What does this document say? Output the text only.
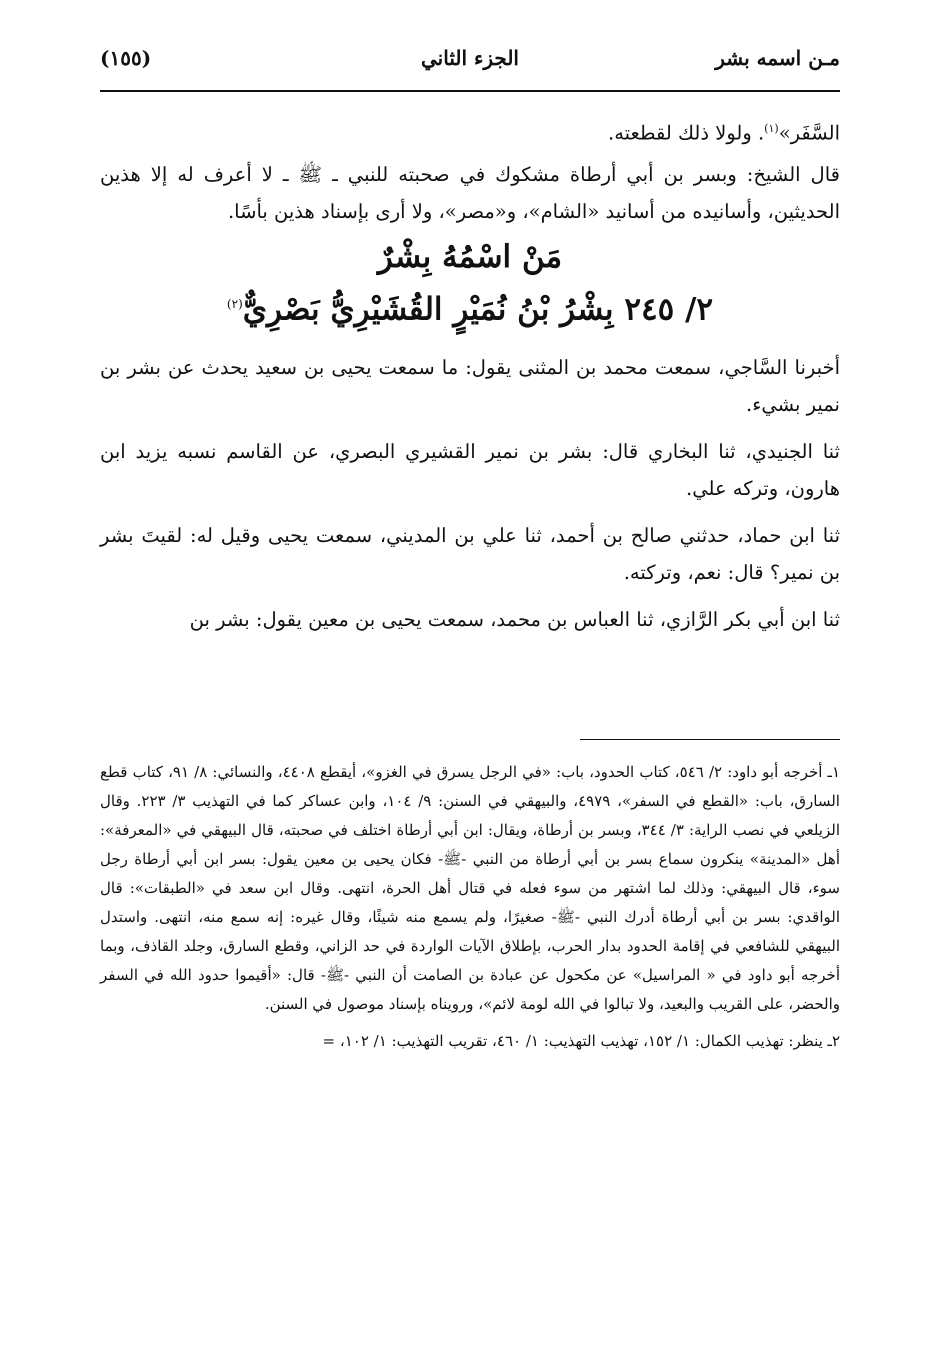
مـن اسمه بشر
الجزء الثاني
(١٥٥)

السَّفَر»$^{(١)}$. ولولا ذلك لقطعته.

قال الشيخ: وبسر بن أبي أرطاة مشكوك في صحبته للنبي ـ ﷺ ـ لا أعرف له إلا هذين الحديثين، وأسانيده من أسانيد «الشام»، و«مصر»، ولا أرى بإسناد هذين بأسًا.

مَنْ اسْمُهُ بِشْرٌ
٢/ ٢٤٥ بِشْرُ بْنُ نُمَيْرٍ القُشَيْرِيُّ بَصْرِيٌّ$^{(٢)}$

أخبرنا السَّاجي، سمعت محمد بن المثنى يقول: ما سمعت يحيى بن سعيد يحدث عن بشر بن نمير بشيء.

ثنا الجنيدي، ثنا البخاري قال: بشر بن نمير القشيري البصري، عن القاسم نسبه يزيد ابن هارون، وتركه علي.

ثنا ابن حماد، حدثني صالح بن أحمد، ثنا علي بن المديني، سمعت يحيى وقيل له: لقيتَ بشر بن نمير؟ قال: نعم، وتركته.

ثنا ابن أبي بكر الرَّازي، ثنا العباس بن محمد، سمعت يحيى بن معين يقول: بشر بن

١ـ أخرجه أبو داود: ٢/ ٥٤٦، كتاب الحدود، باب: «في الرجل يسرق في الغزو»، أيقطع ٤٤٠٨، والنسائي: ٨/ ٩١، كتاب قطع السارق، باب: «القطع في السفر»، ٤٩٧٩، والبيهقي في السنن: ٩/ ١٠٤، وابن عساكر كما في التهذيب ٣/ ٢٢٣. وقال الزيلعي في نصب الراية: ٣/ ٣٤٤، وبسر بن أرطاة، ويقال: ابن أبي أرطاة اختلف في صحبته، قال البيهقي في «المعرفة»: أهل «المدينة» ينكرون سماع بسر بن أبي أرطاة من النبي -ﷺ- فكان يحيى بن معين يقول: بسر ابن أبي أرطاة رجل سوء، قال البيهقي: وذلك لما اشتهر من سوء فعله في قتال أهل الحرة، انتهى. وقال ابن سعد في «الطبقات»: قال الواقدي: بسر بن أبي أرطاة أدرك النبي -ﷺ- صغيرًا، ولم يسمع منه شيئًا، وقال غيره: إنه سمع منه، انتهى. واستدل البيهقي للشافعي في إقامة الحدود بدار الحرب، بإطلاق الآيات الواردة في حد الزاني، وقطع السارق، وجلد القاذف، وبما أخرجه أبو داود في « المراسيل» عن مكحول عن عبادة بن الصامت أن النبي -ﷺ- قال: «أقيموا حدود الله في السفر والحضر، على القريب والبعيد، ولا تبالوا في الله لومة لائم»، ورويناه بإسناد موصول في السنن.

٢ـ ينظر: تهذيب الكمال: ١/ ١٥٢، تهذيب التهذيب: ١/ ٤٦٠، تقريب التهذيب: ١/ ١٠٢، =
